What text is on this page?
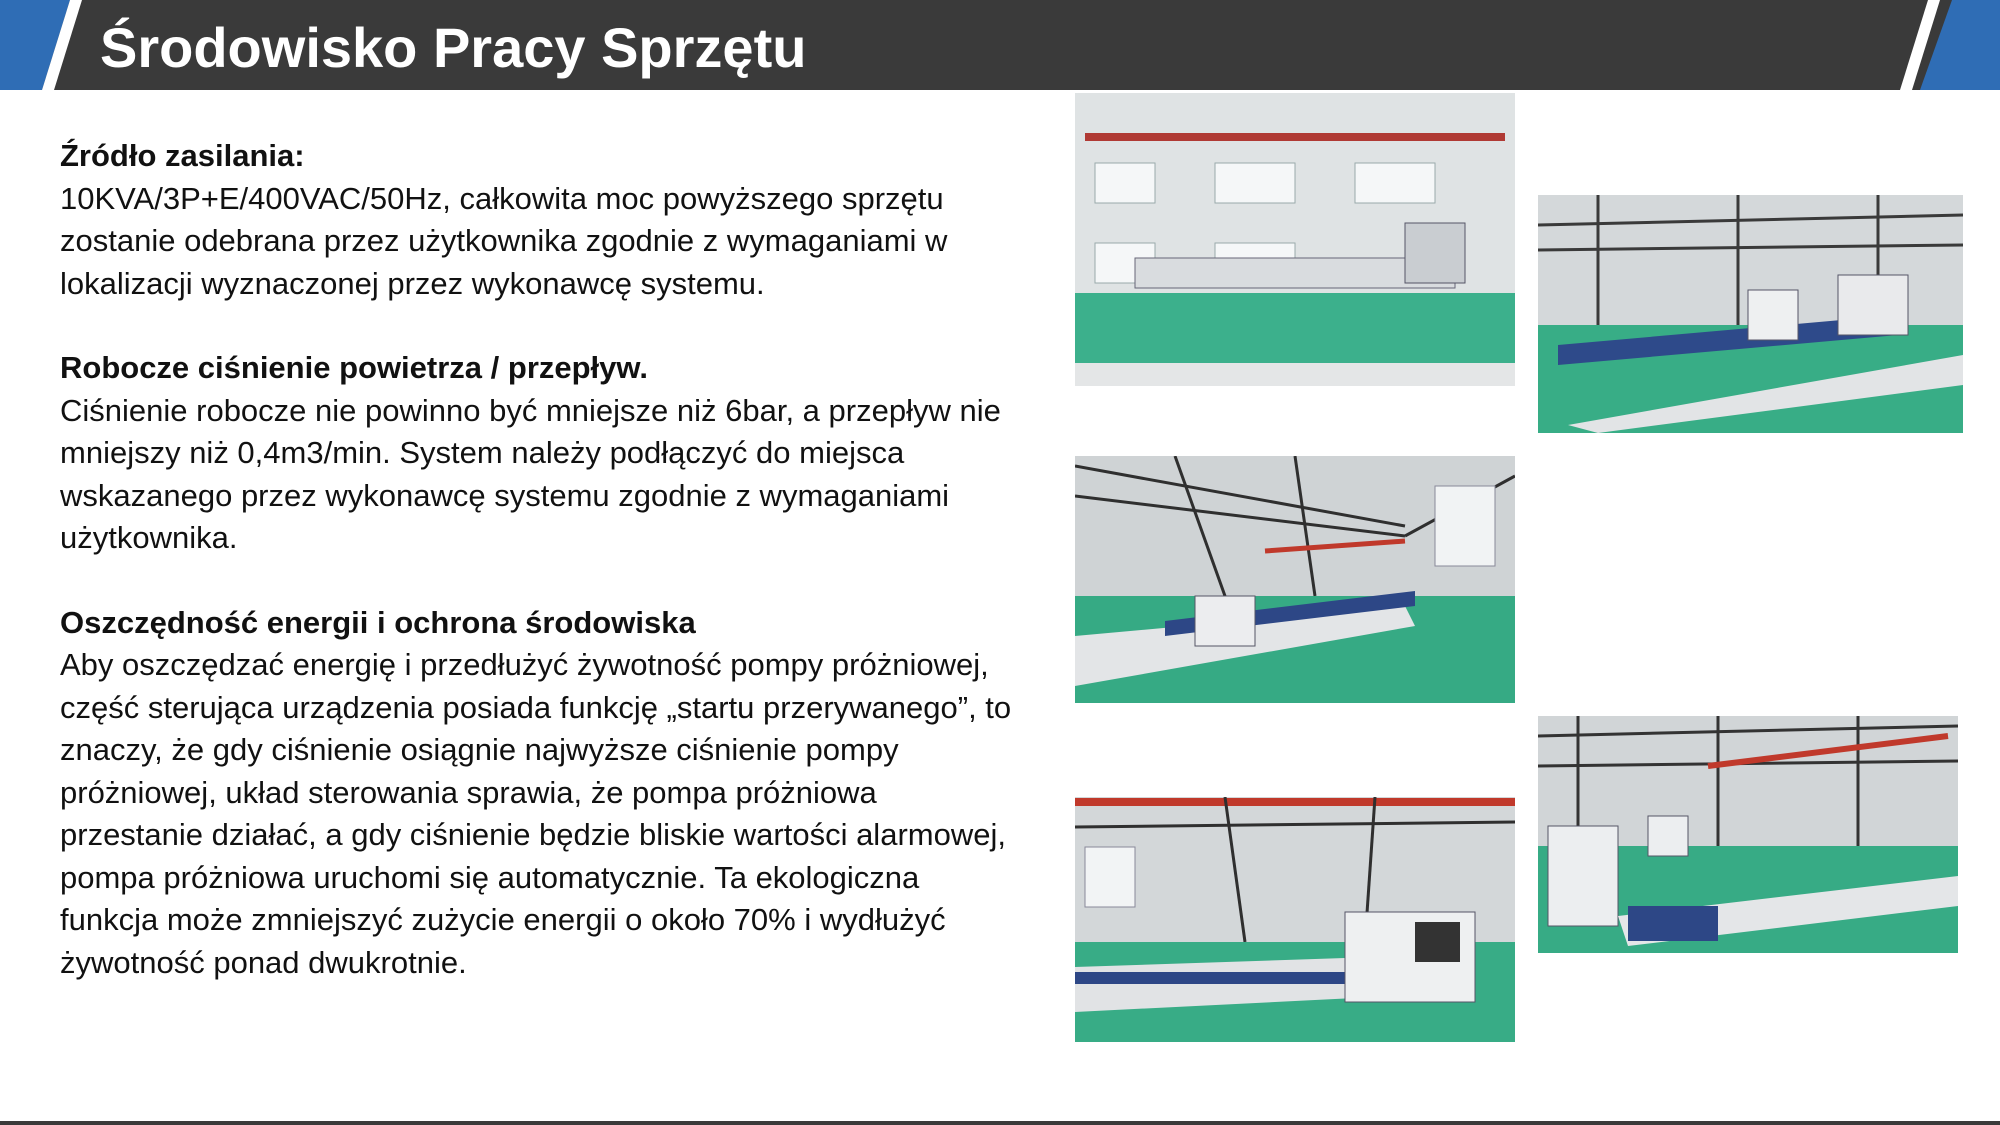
Środowisko Pracy Sprzętu
Źródło zasilania:

10KVA/3P+E/400VAC/50Hz, całkowita moc powyższego sprzętu zostanie odebrana przez użytkownika zgodnie z wymaganiami w lokalizacji wyznaczonej przez wykonawcę systemu.

Robocze ciśnienie powietrza / przepływ.

Ciśnienie robocze nie powinno być mniejsze niż 6bar, a przepływ nie mniejszy niż 0,4m3/min. System należy podłączyć do miejsca wskazanego przez wykonawcę systemu zgodnie z wymaganiami użytkownika.

Oszczędność energii i ochrona środowiska

Aby oszczędzać energię i przedłużyć żywotność pompy próżniowej, część sterująca urządzenia posiada funkcję „startu przerywanego”, to znaczy, że gdy ciśnienie osiągnie najwyższe ciśnienie pompy próżniowej, układ sterowania sprawia, że pompa próżniowa przestanie działać, a gdy ciśnienie będzie bliskie wartości alarmowej, pompa próżniowa uruchomi się automatycznie. Ta ekologiczna funkcja może zmniejszyć zużycie energii o około 70% i wydłużyć żywotność ponad dwukrotnie.
